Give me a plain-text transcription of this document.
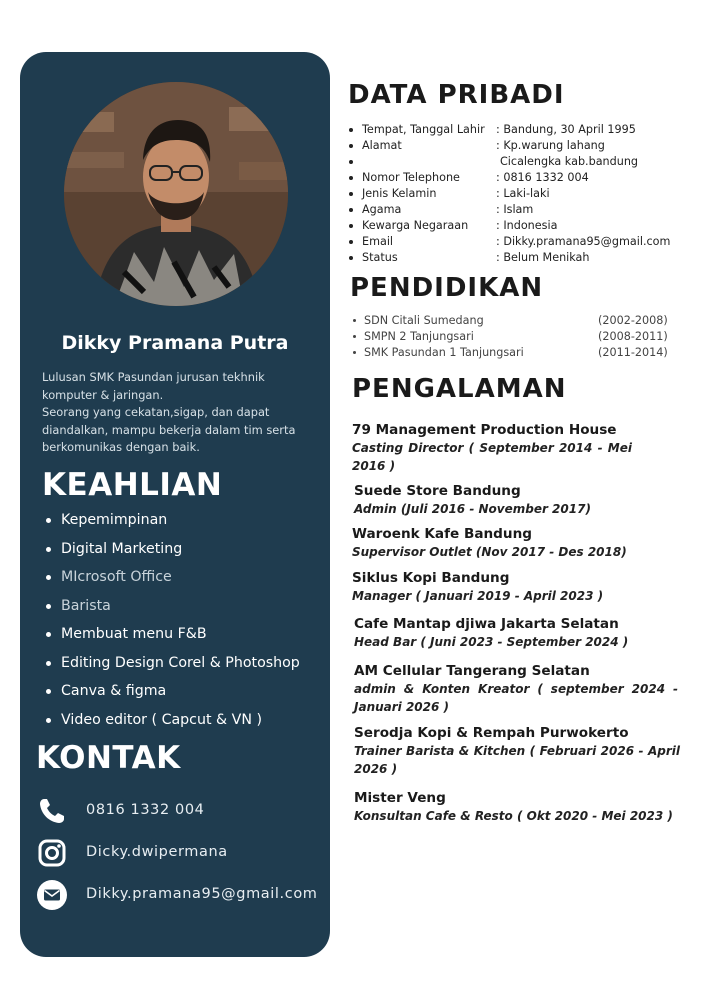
Dikky Pramana Putra

Lulusan SMK Pasundan jurusan tekhnik

komputer & jaringan.

Seorang yang cekatan,sigap, dan dapat

diandalkan, mampu bekerja dalam tim serta

berkomunikas dengan baik.

KEAHLIAN
Kepemimpinan
Digital Marketing
MIcrosoft Office
Barista
Membuat menu F&B
Editing Design Corel & Photoshop
Canva & figma
Video editor ( Capcut & VN )
KONTAK
0816 1332 004
Dicky.dwipermana
Dikky.pramana95@gmail.com
DATA PRIBADI
Tempat, Tanggal Lahir : Bandung, 30 April 1995
Alamat	: Kp.warung lahang
Cicalengka kab.bandung
Nomor Telephone	: 0816 1332 004
Jenis Kelamin	: Laki-laki
Agama	: Islam
Kewarga Negaraan : Indonesia
Email	: Dikky.pramana95@gmail.com
Status	: Belum Menikah
PENDIDIKAN
SDN Citali Sumedang	(2002-2008)
SMPN 2 Tanjungsari	(2008-2011)
SMK Pasundan 1 Tanjungsari	(2011-2014)
PENGALAMAN
79 Management Production House
Casting Director ( September 2014 - Mei 2016 )
Suede Store Bandung
Admin (Juli 2016 - November 2017)
Waroenk Kafe Bandung
Supervisor Outlet (Nov 2017 - Des 2018)
Siklus Kopi Bandung
Manager ( Januari 2019 - April 2023 )
Cafe Mantap djiwa Jakarta Selatan
Head Bar ( Juni 2023 - September 2024 )
AM Cellular Tangerang Selatan
admin & Konten Kreator ( september 2024 - Januari 2026 )
Serodja Kopi & Rempah Purwokerto
Trainer Barista & Kitchen ( Februari 2026 - April 2026 )
Mister Veng
Konsultan Cafe & Resto ( Okt 2020 - Mei 2023 )
